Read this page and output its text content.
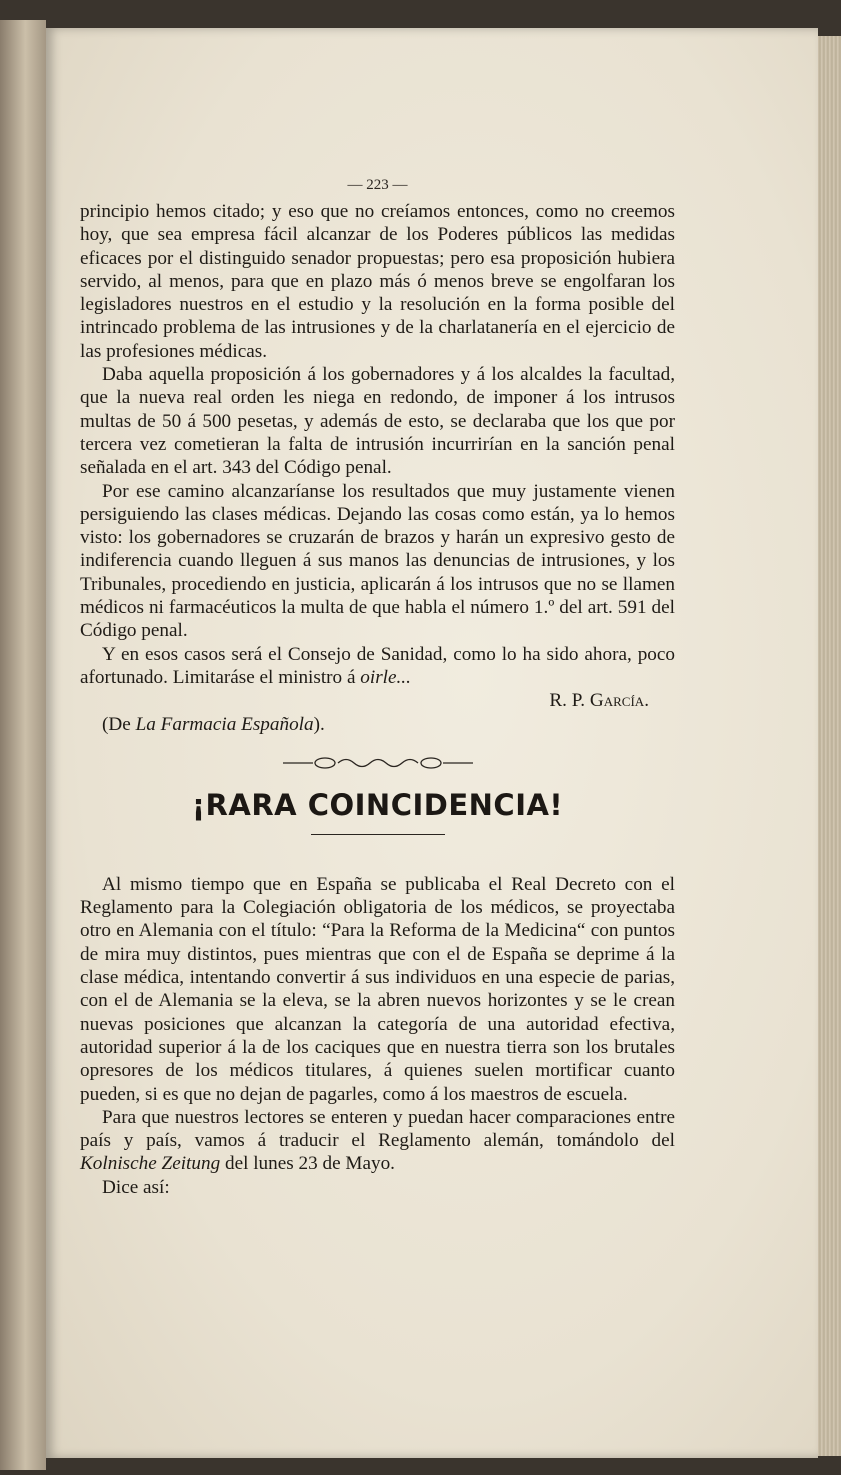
— 223 —

principio hemos citado; y eso que no creíamos entonces, como no creemos hoy, que sea empresa fácil alcanzar de los Poderes públicos las medidas eficaces por el distinguido senador propuestas; pero esa proposición hubiera servido, al menos, para que en plazo más ó menos breve se engolfaran los legisladores nuestros en el estudio y la resolución en la forma posible del intrincado problema de las intrusiones y de la charlatanería en el ejercicio de las profesiones médicas.

Daba aquella proposición á los gobernadores y á los alcaldes la facultad, que la nueva real orden les niega en redondo, de imponer á los intrusos multas de 50 á 500 pesetas, y además de esto, se declaraba que los que por tercera vez cometieran la falta de intrusión incurrirían en la sanción penal señalada en el art. 343 del Código penal.

Por ese camino alcanzaríanse los resultados que muy justamente vienen persiguiendo las clases médicas. Dejando las cosas como están, ya lo hemos visto: los gobernadores se cruzarán de brazos y harán un expresivo gesto de indiferencia cuando lleguen á sus manos las denuncias de intrusiones, y los Tribunales, procediendo en justicia, aplicarán á los intrusos que no se llamen médicos ni farmacéuticos la multa de que habla el número 1.º del art. 591 del Código penal.

Y en esos casos será el Consejo de Sanidad, como lo ha sido ahora, poco afortunado. Limitaráse el ministro á oirle...

R. P. García.

(De La Farmacia Española).

¡RARA COINCIDENCIA!

Al mismo tiempo que en España se publicaba el Real Decreto con el Reglamento para la Colegiación obligatoria de los médicos, se proyectaba otro en Alemania con el título: “Para la Reforma de la Medicina“ con puntos de mira muy distintos, pues mientras que con el de España se deprime á la clase médica, intentando convertir á sus individuos en una especie de parias, con el de Alemania se la eleva, se la abren nuevos horizontes y se le crean nuevas posiciones que alcanzan la categoría de una autoridad efectiva, autoridad superior á la de los caciques que en nuestra tierra son los brutales opresores de los médicos titulares, á quienes suelen mortificar cuanto pueden, si es que no dejan de pagarles, como á los maestros de escuela.

Para que nuestros lectores se enteren y puedan hacer comparaciones entre país y país, vamos á traducir el Reglamento alemán, tomándolo del Kolnische Zeitung del lunes 23 de Mayo.

Dice así:
